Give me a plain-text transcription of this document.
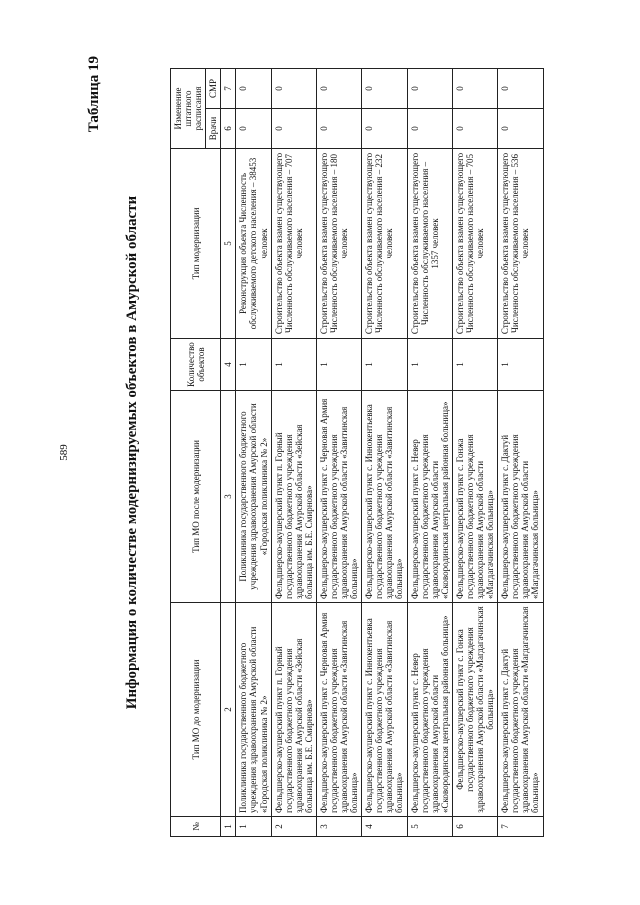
589
Таблица 19
Информация о количестве модернизируемых объектов в Амурской области
№	Тип МО до модернизации	Тип МО после модернизации	Количество объектов	Тип модернизации	Изменение штатного расписания	
					Врачи	СМР
1	2	3	4	5	6	7
1	Поликлиника государственного бюджетного учреждения здравоохранения Амурской области «Городская поликлиника № 2»	Поликлиника государственного бюджетного учреждения здравоохранения Амурской области «Городская поликлиника № 2»	1	Реконструкция объекта Численность обслуживаемого детского населения – 38453 человек	0	0
2	Фельдшерско-акушерский пункт п. Горный государственного бюджетного учреждения здравоохранения Амурской области «Зейская больница им. Б.Е. Смирнова»	Фельдшерско-акушерский пункт п. Горный государственного бюджетного учреждения здравоохранения Амурской области «Зейская больница им. Б.Е. Смирнова»	1	Строительство объекта взамен существующего Численность обслуживаемого населения – 707 человек	0	0
3	Фельдшерско-акушерский пункт с. Черновая Армия государственного бюджетного учреждения здравоохранения Амурской области «Завитинская больница»	Фельдшерско-акушерский пункт с. Черновая Армия государственного бюджетного учреждения здравоохранения Амурской области «Завитинская больница»	1	Строительство объекта взамен существующего Численность обслуживаемого населения – 180 человек	0	0
4	Фельдшерско-акушерский пункт с. Иннокентьевка государственного бюджетного учреждения здравоохранения Амурской области «Завитинская больница»	Фельдшерско-акушерский пункт с. Иннокентьевка государственного бюджетного учреждения здравоохранения Амурской области «Завитинская больница»	1	Строительство объекта взамен существующего Численность обслуживаемого населения – 232 человек	0	0
5	Фельдшерско-акушерский пункт с. Невер государственного бюджетного учреждения здравоохранения Амурской области «Сковородинская центральная районная больница»	Фельдшерско-акушерский пункт с. Невер государственного бюджетного учреждения здравоохранения Амурской области «Сковородинская центральная районная больница»	1	Строительство объекта взамен существующего Численность обслуживаемого населения – 1357 человек	0	0
6	Фельдшерско-акушерский пункт с. Гонжа государственного бюджетного учреждения здравоохранения Амурской области «Магдагачинская больница»	Фельдшерско-акушерский пункт с. Гонжа государственного бюджетного учреждения здравоохранения Амурской области «Магдагачинская больница»	1	Строительство объекта взамен существующего Численность обслуживаемого населения – 705 человек	0	0
7	Фельдшерско-акушерский пункт с. Дактуй государственного бюджетного учреждения здравоохранения Амурской области «Магдагачинская больница»	Фельдшерско-акушерский пункт с. Дактуй государственного бюджетного учреждения здравоохранения Амурской области «Магдагачинская больница»	1	Строительство объекта взамен существующего Численность обслуживаемого населения – 536 человек	0	0
